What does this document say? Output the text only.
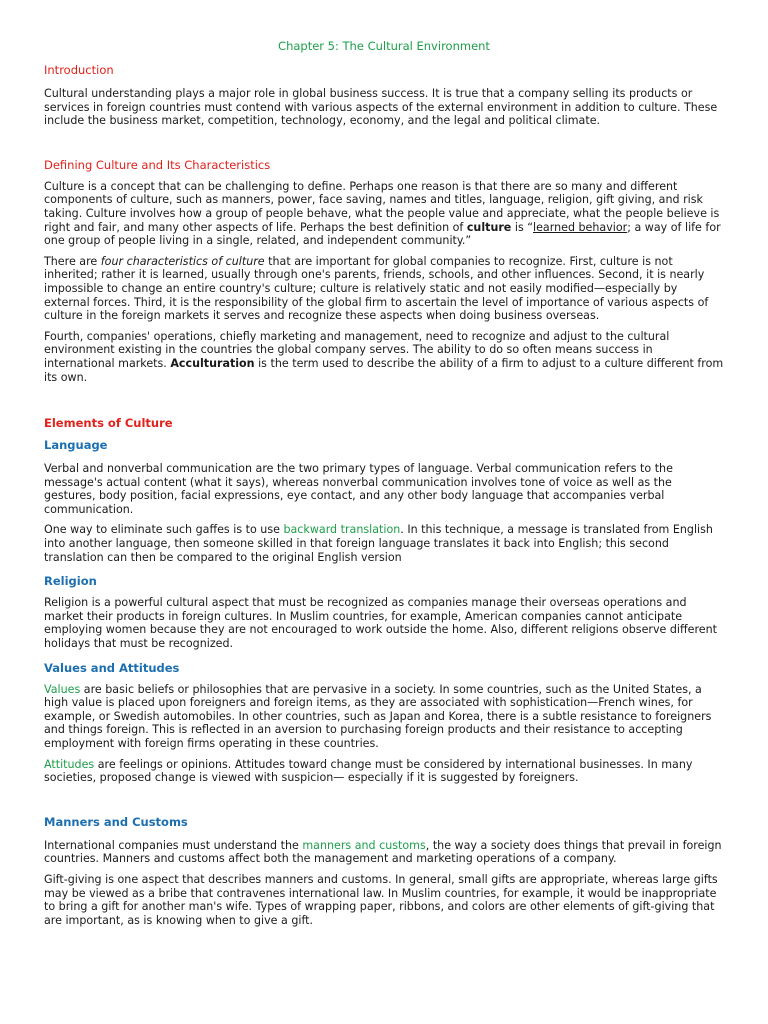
Chapter 5: The Cultural Environment
Introduction

Cultural understanding plays a major role in global business success. It is true that a company selling its products or services in foreign countries must contend with various aspects of the external environment in addition to culture. These include the business market, competition, technology, economy, and the legal and political climate.

Defining Culture and Its Characteristics

Culture is a concept that can be challenging to define. Perhaps one reason is that there are so many and different components of culture, such as manners, power, face saving, names and titles, language, religion, gift giving, and risk taking. Culture involves how a group of people behave, what the people value and appreciate, what the people believe is right and fair, and many other aspects of life. Perhaps the best definition of culture is “learned behavior; a way of life for one group of people living in a single, related, and independent community.”

There are four characteristics of culture that are important for global companies to recognize. First, culture is not inherited; rather it is learned, usually through one's parents, friends, schools, and other influences. Second, it is nearly impossible to change an entire country's culture; culture is relatively static and not easily modified—especially by external forces. Third, it is the responsibility of the global firm to ascertain the level of importance of various aspects of culture in the foreign markets it serves and recognize these aspects when doing business overseas.

Fourth, companies' operations, chiefly marketing and management, need to recognize and adjust to the cultural environment existing in the countries the global company serves. The ability to do so often means success in international markets. Acculturation is the term used to describe the ability of a firm to adjust to a culture different from its own.

Elements of Culture
Language

Verbal and nonverbal communication are the two primary types of language. Verbal communication refers to the message's actual content (what it says), whereas nonverbal communication involves tone of voice as well as the gestures, body position, facial expressions, eye contact, and any other body language that accompanies verbal communication.

One way to eliminate such gaffes is to use backward translation. In this technique, a message is translated from English into another language, then someone skilled in that foreign language translates it back into English; this second translation can then be compared to the original English version

Religion

Religion is a powerful cultural aspect that must be recognized as companies manage their overseas operations and market their products in foreign cultures. In Muslim countries, for example, American companies cannot anticipate employing women because they are not encouraged to work outside the home. Also, different religions observe different holidays that must be recognized.

Values and Attitudes

Values are basic beliefs or philosophies that are pervasive in a society. In some countries, such as the United States, a high value is placed upon foreigners and foreign items, as they are associated with sophistication—French wines, for example, or Swedish automobiles. In other countries, such as Japan and Korea, there is a subtle resistance to foreigners and things foreign. This is reflected in an aversion to purchasing foreign products and their resistance to accepting employment with foreign firms operating in these countries.

Attitudes are feelings or opinions. Attitudes toward change must be considered by international businesses. In many societies, proposed change is viewed with suspicion— especially if it is suggested by foreigners.

Manners and Customs

International companies must understand the manners and customs, the way a society does things that prevail in foreign countries. Manners and customs affect both the management and marketing operations of a company.

Gift-giving is one aspect that describes manners and customs. In general, small gifts are appropriate, whereas large gifts may be viewed as a bribe that contravenes international law. In Muslim countries, for example, it would be inappropriate to bring a gift for another man's wife. Types of wrapping paper, ribbons, and colors are other elements of gift-giving that are important, as is knowing when to give a gift.
